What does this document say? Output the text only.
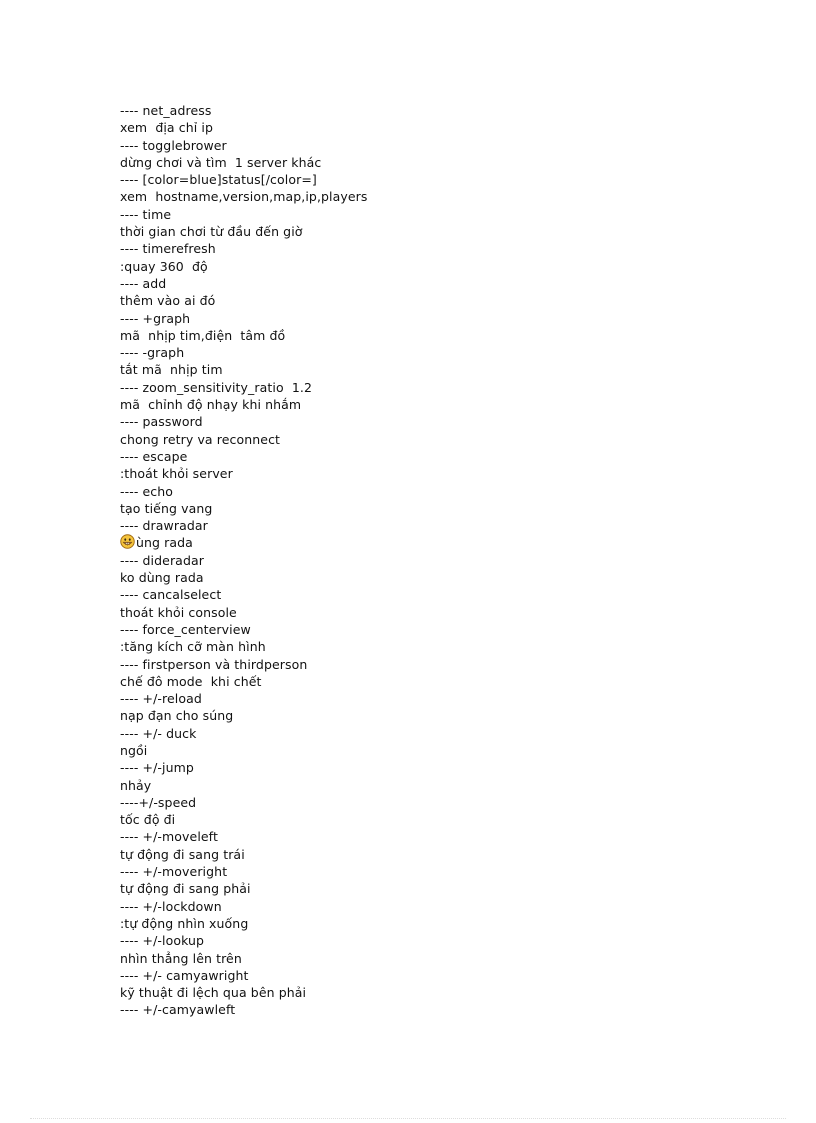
---- net_adress
xem  địa chỉ ip
---- togglebrower
dừng chơi và tìm  1 server khác
---- [color=blue]status[/color=]
xem  hostname,version,map,ip,players
---- time
thời gian chơi từ đầu đến giờ
---- timerefresh
:quay 360  độ
---- add
thêm vào ai đó
---- +graph
mã  nhịp tim,điện  tâm đồ
---- -graph
tắt mã  nhịp tim
---- zoom_sensitivity_ratio  1.2
mã  chỉnh độ nhạy khi nhắm
---- password
chong retry va reconnect
---- escape
:thoát khỏi server
---- echo
tạo tiếng vang
---- drawradar
ùng rada
---- dideradar
ko dùng rada
---- cancalselect
thoát khỏi console
---- force_centerview
:tăng kích cỡ màn hình
---- firstperson và thirdperson
chế đô mode  khi chết
---- +/-reload
nạp đạn cho súng
---- +/- duck
ngồi
---- +/-jump
nhảy
----+/-speed
tốc độ đi
---- +/-moveleft
tự động đi sang trái
---- +/-moveright
tự động đi sang phải
---- +/-lockdown
:tự động nhìn xuống
---- +/-lookup
nhìn thẳng lên trên
---- +/- camyawright
kỹ thuật đi lệch qua bên phải
---- +/-camyawleft
